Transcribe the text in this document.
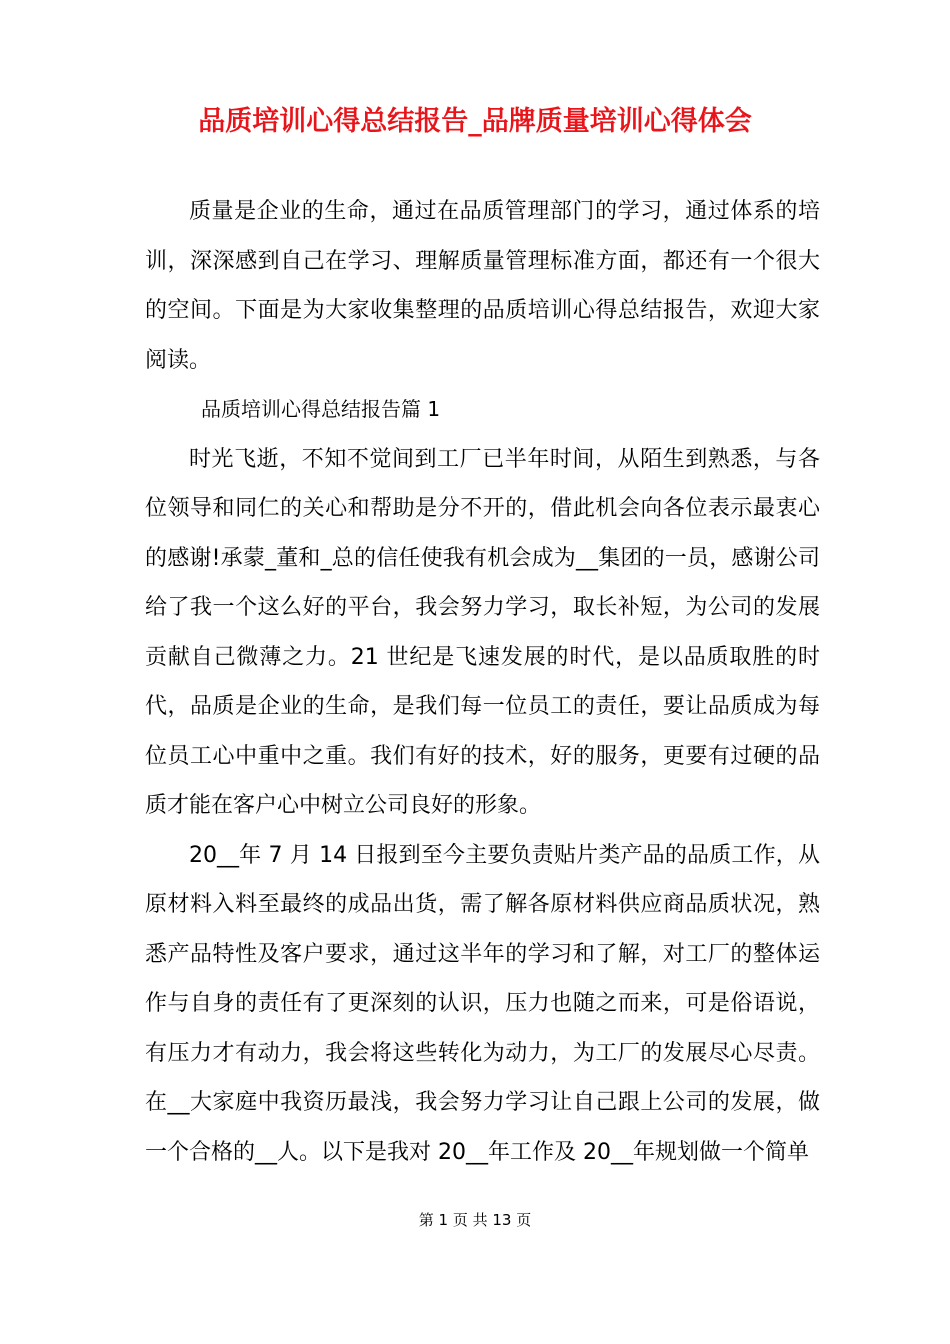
品质培训心得总结报告_品牌质量培训心得体会

质量是企业的生命，通过在品质管理部门的学习，通过体系的培训，深深感到自己在学习、理解质量管理标准方面，都还有一个很大的空间。下面是为大家收集整理的品质培训心得总结报告，欢迎大家阅读。

品质培训心得总结报告篇 1

时光飞逝，不知不觉间到工厂已半年时间，从陌生到熟悉，与各位领导和同仁的关心和帮助是分不开的，借此机会向各位表示最衷心的感谢!承蒙_董和_总的信任使我有机会成为__集团的一员，感谢公司给了我一个这么好的平台，我会努力学习，取长补短，为公司的发展贡献自己微薄之力。21 世纪是飞速发展的时代，是以品质取胜的时代，品质是企业的生命，是我们每一位员工的责任，要让品质成为每位员工心中重中之重。我们有好的技术，好的服务，更要有过硬的品质才能在客户心中树立公司良好的形象。

20__年 7 月 14 日报到至今主要负责贴片类产品的品质工作，从原材料入料至最终的成品出货，需了解各原材料供应商品质状况，熟悉产品特性及客户要求，通过这半年的学习和了解，对工厂的整体运作与自身的责任有了更深刻的认识，压力也随之而来，可是俗语说，有压力才有动力，我会将这些转化为动力，为工厂的发展尽心尽责。在__大家庭中我资历最浅，我会努力学习让自己跟上公司的发展，做一个合格的__人。以下是我对 20__年工作及 20__年规划做一个简单

第 1 页 共 13 页
